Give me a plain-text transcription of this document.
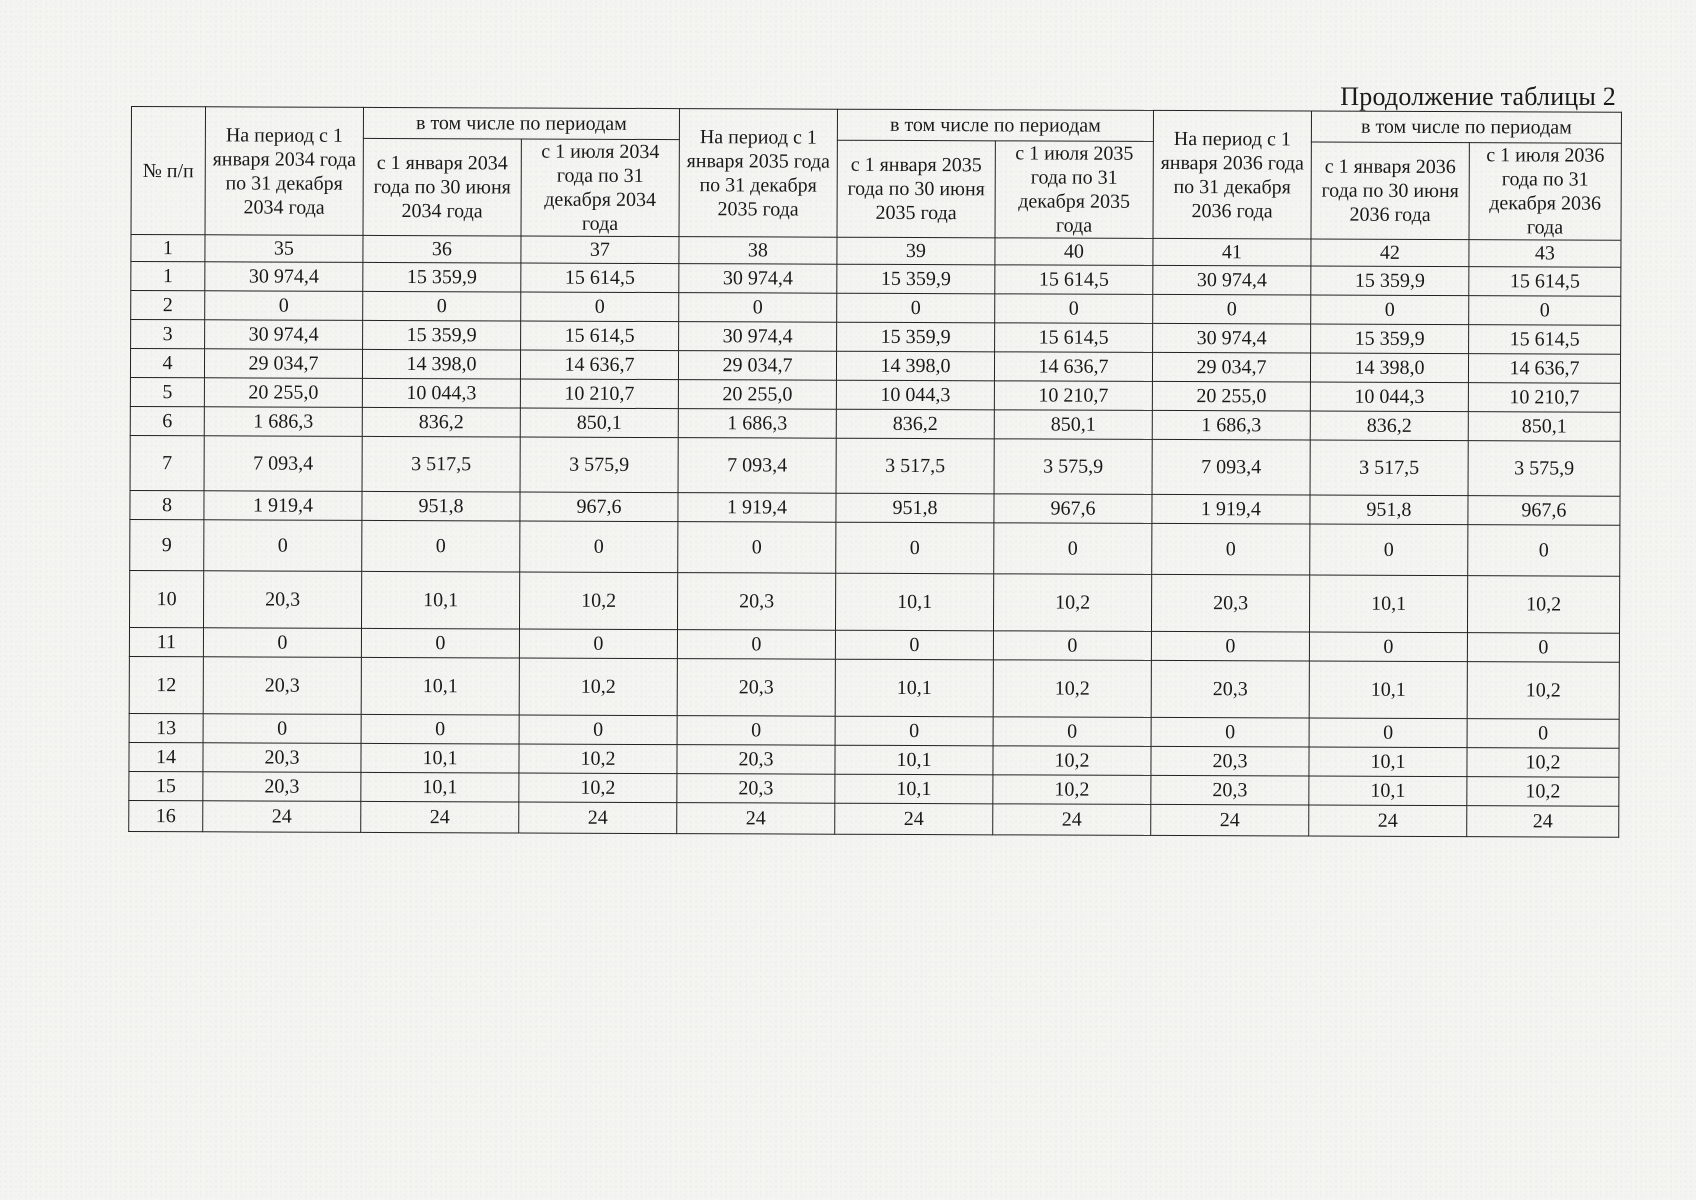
Продолжение таблицы 2
№ п/п	На период с 1 января 2034 года по 31 декабря 2034 года	в том числе по периодам		На период с 1 января 2035 года по 31 декабря 2035 года	в том числе по периодам		На период с 1 января 2036 года по 31 декабря 2036 года	в том числе по периодам	
		с 1 января 2034 года по 30 июня 2034 года	с 1 июля 2034 года по 31 декабря 2034 года		с 1 января 2035 года по 30 июня 2035 года	с 1 июля 2035 года по 31 декабря 2035 года		с 1 января 2036 года по 30 июня 2036 года	с 1 июля 2036 года по 31 декабря 2036 года
1	35	36	37	38	39	40	41	42	43
1	30 974,4	15 359,9	15 614,5	30 974,4	15 359,9	15 614,5	30 974,4	15 359,9	15 614,5
2	0	0	0	0	0	0	0	0	0
3	30 974,4	15 359,9	15 614,5	30 974,4	15 359,9	15 614,5	30 974,4	15 359,9	15 614,5
4	29 034,7	14 398,0	14 636,7	29 034,7	14 398,0	14 636,7	29 034,7	14 398,0	14 636,7
5	20 255,0	10 044,3	10 210,7	20 255,0	10 044,3	10 210,7	20 255,0	10 044,3	10 210,7
6	1 686,3	836,2	850,1	1 686,3	836,2	850,1	1 686,3	836,2	850,1
7	7 093,4	3 517,5	3 575,9	7 093,4	3 517,5	3 575,9	7 093,4	3 517,5	3 575,9
8	1 919,4	951,8	967,6	1 919,4	951,8	967,6	1 919,4	951,8	967,6
9	0	0	0	0	0	0	0	0	0
10	20,3	10,1	10,2	20,3	10,1	10,2	20,3	10,1	10,2
11	0	0	0	0	0	0	0	0	0
12	20,3	10,1	10,2	20,3	10,1	10,2	20,3	10,1	10,2
13	0	0	0	0	0	0	0	0	0
14	20,3	10,1	10,2	20,3	10,1	10,2	20,3	10,1	10,2
15	20,3	10,1	10,2	20,3	10,1	10,2	20,3	10,1	10,2
16	24	24	24	24	24	24	24	24	24
